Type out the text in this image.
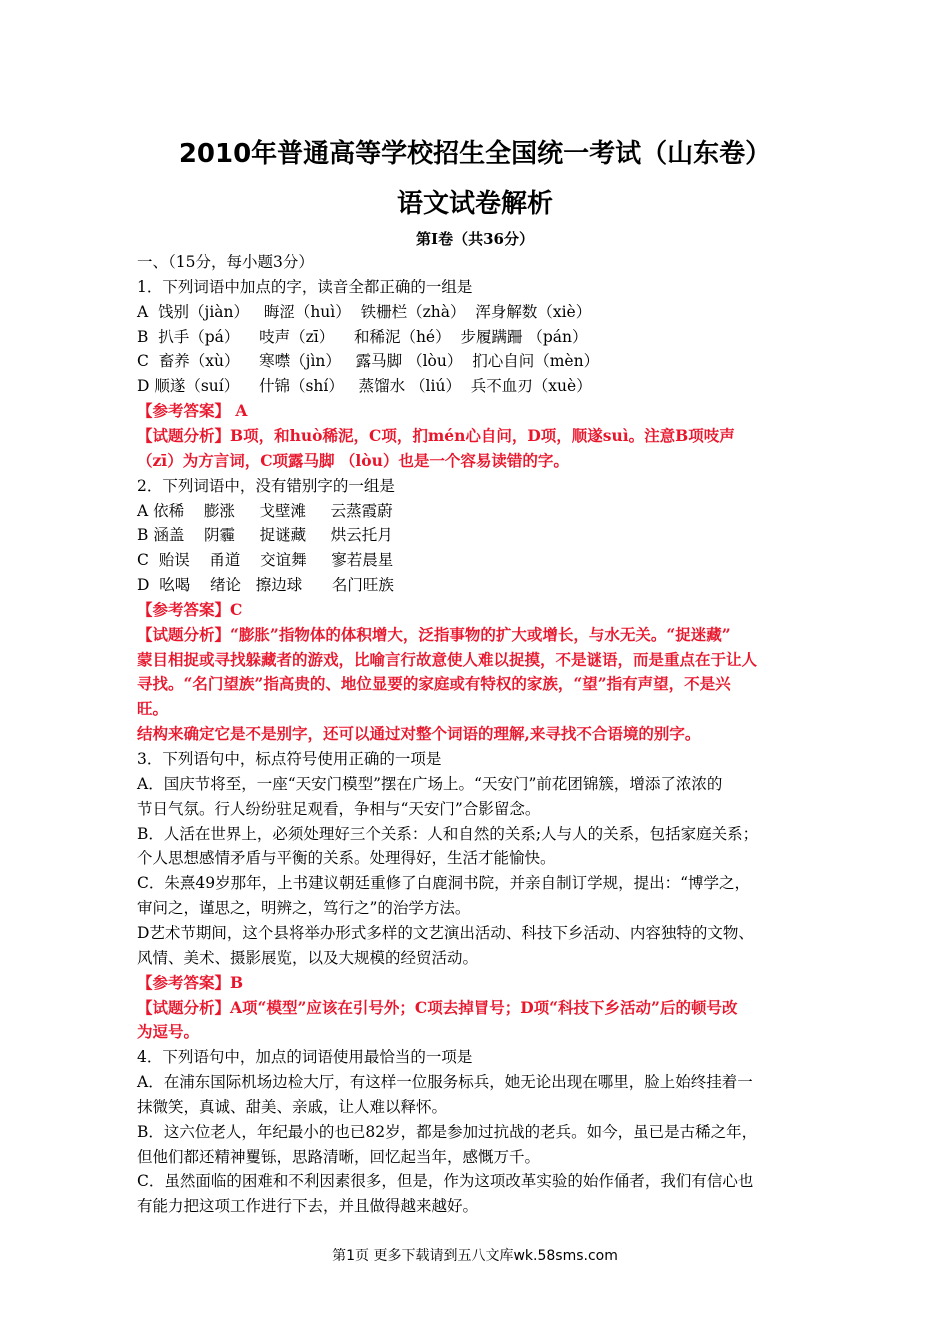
2010年普通高等学校招生全国统一考试（山东卷）
语文试卷解析
第Ⅰ卷（共36分）
一、（15分，每小题3分）
1．下列词语中加点的字，读音全都正确的一组是
A  饯别（jiàn）   晦涩（huì）  铁栅栏（zhà）  浑身解数（xiè）
B  扒手（pá）    吱声（zī）    和稀泥（hé）  步履蹒跚 （pán）
C  畜养（xù）    寒噤（jìn）   露马脚 （lòu）  扪心自问（mèn）
D 顺遂（suí）    什锦（shí）   蒸馏水 （liú）  兵不血刃（xuè）
【参考答案】 A
【试题分析】B项，和huò稀泥，C项，扪mén心自问，D项，顺遂suì。注意B项吱声
（zī）为方言词，C项露马脚 （lòu）也是一个容易读错的字。
2．下列词语中，没有错别字的一组是
A 依稀    膨涨     戈壁滩     云蒸霞蔚
B 涵盖    阴霾     捉谜藏     烘云托月
C  贻误    甬道    交谊舞     寥若晨星
D  吆喝    绪论   擦边球      名门旺族
【参考答案】C
【试题分析】“膨胀”指物体的体积增大，泛指事物的扩大或增长，与水无关。“捉迷藏”
蒙目相捉或寻找躲藏者的游戏，比喻言行故意使人难以捉摸，不是谜语，而是重点在于让人
寻找。“名门望族”指高贵的、地位显要的家庭或有特权的家族，“望”指有声望，不是兴
旺。
结构来确定它是不是别字，还可以通过对整个词语的理解,来寻找不合语境的别字。
3．下列语句中，标点符号使用正确的一项是
A．国庆节将至，一座“天安门模型”摆在广场上。“天安门”前花团锦簇，增添了浓浓的
节日气氛。行人纷纷驻足观看，争相与“天安门”合影留念。
B．人活在世界上，必须处理好三个关系：人和自然的关系;人与人的关系，包括家庭关系；
个人思想感情矛盾与平衡的关系。处理得好，生活才能愉快。
C．朱熹49岁那年，上书建议朝廷重修了白鹿洞书院，并亲自制订学规，提出：“博学之，
审问之，谨思之，明辨之，笃行之”的治学方法。
D艺术节期间，这个县将举办形式多样的文艺演出活动、科技下乡活动、内容独特的文物、
风情、美术、摄影展览，以及大规模的经贸活动。
【参考答案】B
【试题分析】A项“模型”应该在引号外；C项去掉冒号；D项“科技下乡活动”后的顿号改
为逗号。
4．下列语句中，加点的词语使用最恰当的一项是
A．在浦东国际机场边检大厅，有这样一位服务标兵，她无论出现在哪里，脸上始终挂着一
抹微笑，真诚、甜美、亲戚，让人难以释怀。
B．这六位老人，年纪最小的也已82岁，都是参加过抗战的老兵。如今，虽已是古稀之年，
但他们都还精神矍铄，思路清晰，回忆起当年，感慨万千。
C．虽然面临的困难和不利因素很多，但是，作为这项改革实验的始作俑者，我们有信心也
有能力把这项工作进行下去，并且做得越来越好。
第1页 更多下载请到五八文库wk.58sms.com
